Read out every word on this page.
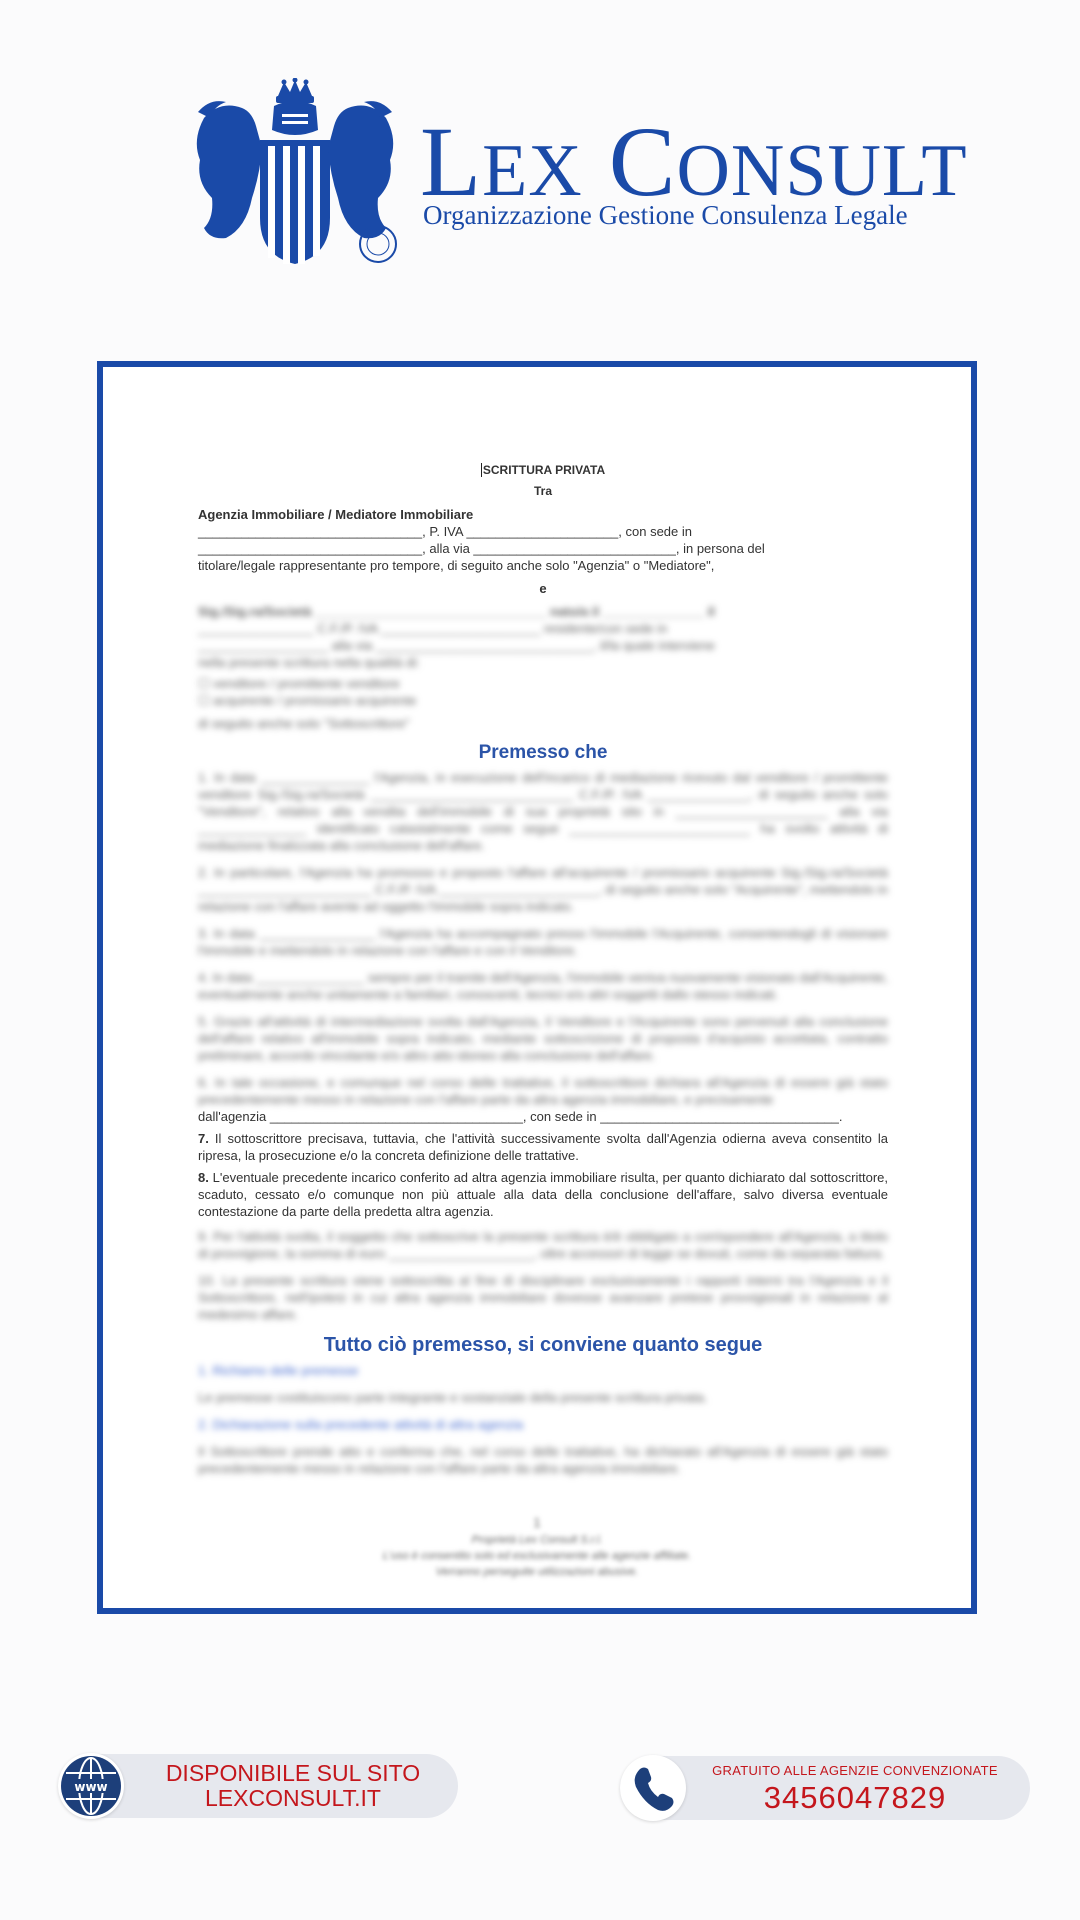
LEX CONSULT
Organizzazione Gestione Consulenza Legale
SCRITTURA PRIVATA
Tra
Agenzia Immobiliare / Mediatore Immobiliare
_______________________________, P. IVA _____________________, con sede in
_______________________________, alla via ____________________________, in persona del
titolare/legale rappresentante pro tempore, di seguito anche solo "Agenzia" o "Mediatore",
e
Sig./Sig.ra/Società ________________________________ nato/a il ______________ il
________________ C.F./P. IVA ______________________ residente/con sede in
__________________ alla via ______________________________, il/la quale interviene
nella presente scrittura nella qualità di:
☐ venditore / promittente venditore
☐ acquirente / promissario acquirente
di seguito anche solo "Sottoscrittore"
Premesso che
1. In data _______________ l'Agenzia, in esecuzione dell'incarico di mediazione ricevuto dal venditore / promittente venditore Sig./Sig.ra/Società ____________________________ C.F./P. IVA ______________, di seguito anche solo "Venditore", relativo alla vendita dell'immobile di sua proprietà sito in _____________________ alla via _______________ identificato catastalmente come segue _________________________ ha svolto attività di mediazione finalizzata alla conclusione dell'affare.
2. In particolare, l'Agenzia ha promosso e proposto l'affare all'acquirente / promissario acquirente Sig./Sig.ra/Società ________________________ C.F./P. IVA ______________________, di seguito anche solo "Acquirente", mettendolo in relazione con l'affare avente ad oggetto l'immobile sopra indicato.
3. In data ________________ l'Agenzia ha accompagnato presso l'immobile l'Acquirente, consentendogli di visionare l'immobile e mettendolo in relazione con l'affare e con il Venditore.
4. In data _______________ sempre per il tramite dell'Agenzia, l'immobile veniva nuovamente visionato dall'Acquirente, eventualmente anche unitamente a familiari, conoscenti, tecnici e/o altri soggetti dallo stesso indicati.
5. Grazie all'attività di intermediazione svolta dall'Agenzia, il Venditore e l'Acquirente sono pervenuti alla conclusione dell'affare relativo all'immobile sopra indicato, mediante sottoscrizione di proposta d'acquisto accettata, contratto preliminare, accordo vincolante e/o altro atto idoneo alla conclusione dell'affare.
6. In tale occasione, e comunque nel corso delle trattative, il sottoscrittore dichiara all'Agenzia di essere già stato precedentemente messo in relazione con l'affare parte da altra agenzia immobiliare, e precisamente
dall'agenzia ___________________________________, con sede in _________________________________.
7. Il sottoscrittore precisava, tuttavia, che l'attività successivamente svolta dall'Agenzia odierna aveva consentito la ripresa, la prosecuzione e/o la concreta definizione delle trattative.
8. L'eventuale precedente incarico conferito ad altra agenzia immobiliare risulta, per quanto dichiarato dal sottoscrittore, scaduto, cessato e/o comunque non più attuale alla data della conclusione dell'affare, salvo diversa eventuale contestazione da parte della predetta altra agenzia.
9. Per l'attività svolta, il soggetto che sottoscrive la presente scrittura è/è obbligato a corrispondere all'Agenzia, a titolo di provvigione, la somma di euro ____________________, oltre accessori di legge se dovuti, come da separata fattura.
10. La presente scrittura viene sottoscritta al fine di disciplinare esclusivamente i rapporti interni tra l'Agenzia e il Sottoscrittore, nell'ipotesi in cui altra agenzia immobiliare dovesse avanzare pretese provvigionali in relazione al medesimo affare.
Tutto ciò premesso, si conviene quanto segue
1. Richiamo delle premesse
Le premesse costituiscono parte integrante e sostanziale della presente scrittura privata.
2. Dichiarazione sulla precedente attività di altra agenzia
Il Sottoscrittore prende atto e conferma che, nel corso delle trattative, ha dichiarato all'Agenzia di essere già stato precedentemente messo in relazione con l'affare parte da altra agenzia immobiliare.
1
Proprietà Lex Consult S.r.l.
L'uso è consentito solo ed esclusivamente alle agenzie affiliate.
Verranno perseguite utilizzazioni abusive.
www
DISPONIBILE SUL SITO
LEXCONSULT.IT
GRATUITO ALLE AGENZIE CONVENZIONATE
3456047829
